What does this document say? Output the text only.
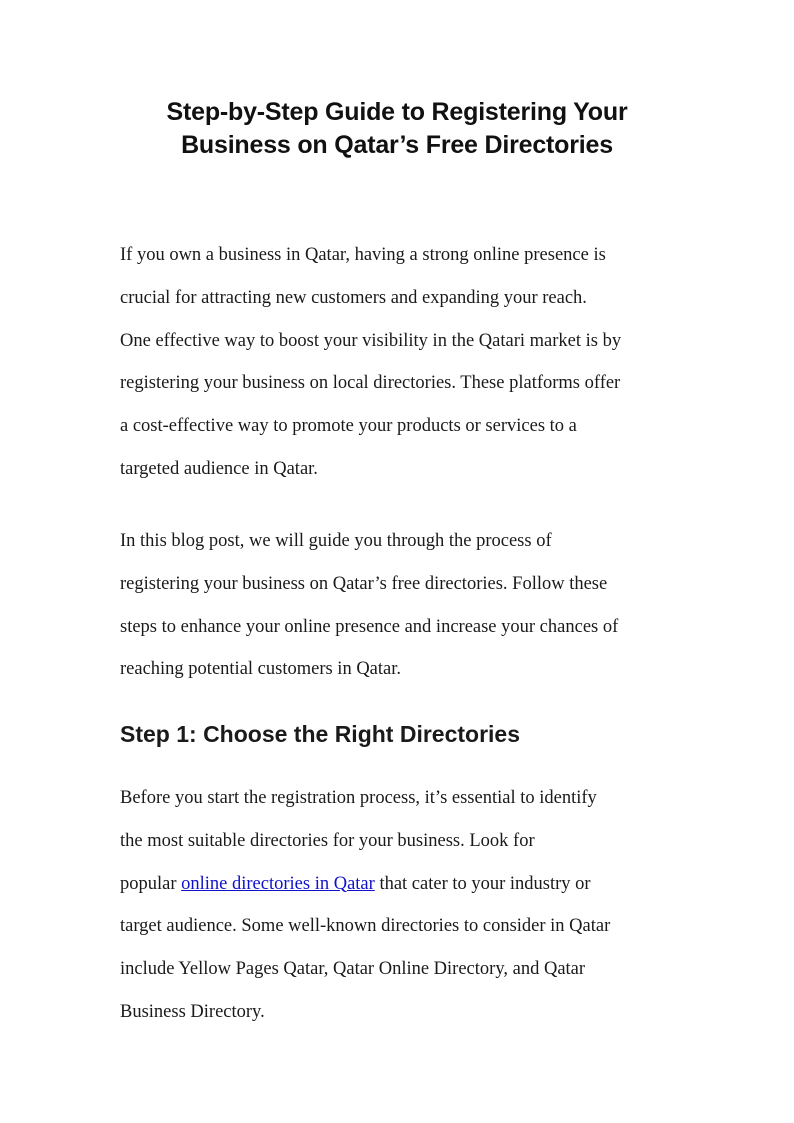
Step-by-Step Guide to Registering Your
Business on Qatar’s Free Directories

If you own a business in Qatar, having a strong online presence is
crucial for attracting new customers and expanding your reach.
One effective way to boost your visibility in the Qatari market is by
registering your business on local directories. These platforms offer
a cost-effective way to promote your products or services to a
targeted audience in Qatar.

In this blog post, we will guide you through the process of
registering your business on Qatar’s free directories. Follow these
steps to enhance your online presence and increase your chances of
reaching potential customers in Qatar.

Step 1: Choose the Right Directories

Before you start the registration process, it’s essential to identify
the most suitable directories for your business. Look for
popular online directories in Qatar that cater to your industry or
target audience. Some well-known directories to consider in Qatar
include Yellow Pages Qatar, Qatar Online Directory, and Qatar
Business Directory.
